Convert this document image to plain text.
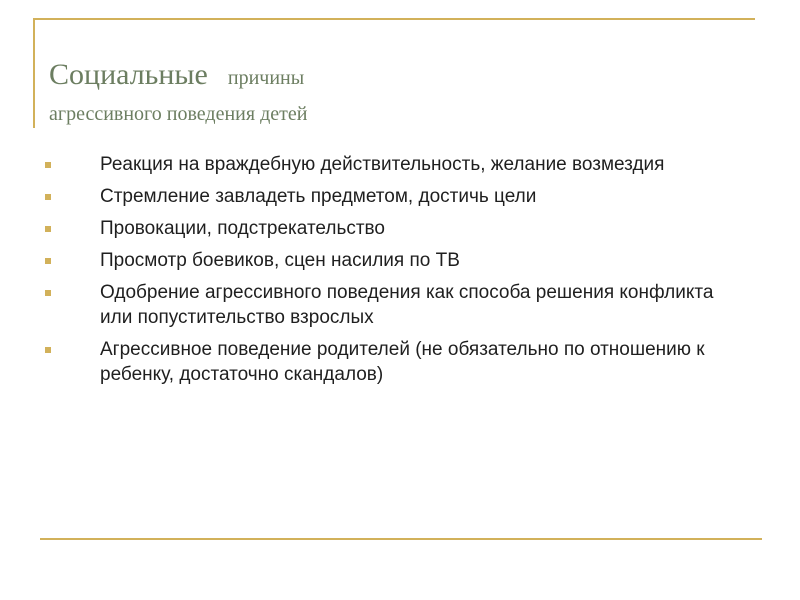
Социальные причины
агрессивного поведения детей
Реакция на враждебную действительность, желание возмездия
Стремление завладеть предметом, достичь цели
Провокации, подстрекательство
Просмотр боевиков, сцен насилия по ТВ
Одобрение агрессивного поведения как способа решения конфликта или попустительство взрослых
Агрессивное поведение родителей (не обязательно по отношению к ребенку, достаточно скандалов)
